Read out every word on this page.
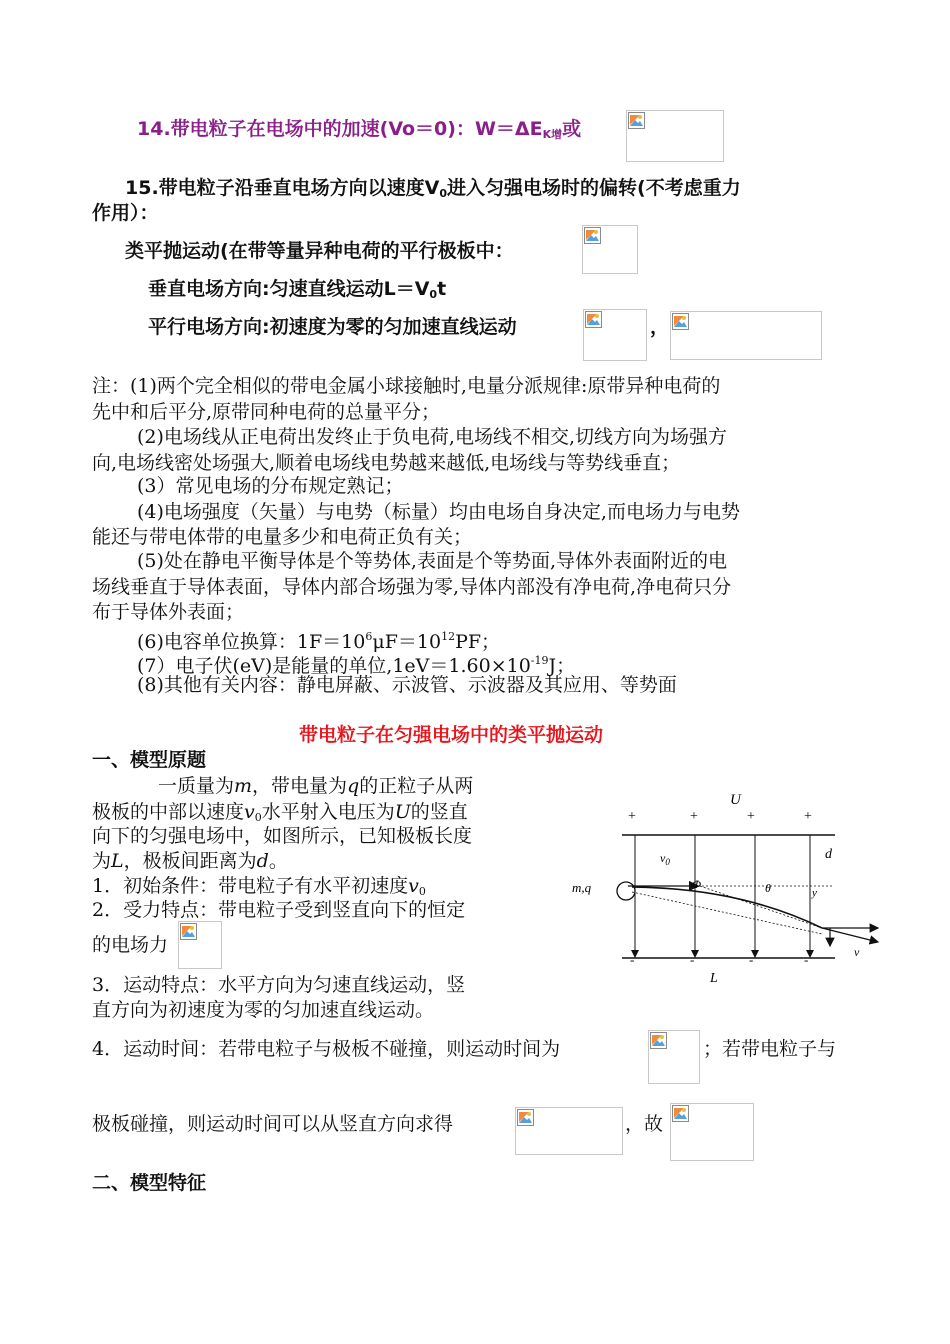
14.带电粒子在电场中的加速(Vo＝0)：$W=\Delta E_{K增}$或
15.带电粒子沿垂直电场方向以速度$V_0$进入匀强电场时的偏转(不考虑重力
作用）：
类平抛运动(在带等量异种电荷的平行极板中：
垂直电场方向:匀速直线运动$L=V_0t$
平行电场方向:初速度为零的匀加速直线运动	，
注：(1)两个完全相似的带电金属小球接触时,电量分派规律:原带异种电荷的
先中和后平分,原带同种电荷的总量平分；
(2)电场线从正电荷出发终止于负电荷,电场线不相交,切线方向为场强方
向,电场线密处场强大,顺着电场线电势越来越低,电场线与等势线垂直；
(3）常见电场的分布规定熟记；
(4)电场强度（矢量）与电势（标量）均由电场自身决定,而电场力与电势
能还与带电体带的电量多少和电荷正负有关；
(5)处在静电平衡导体是个等势体,表面是个等势面,导体外表面附近的电
场线垂直于导体表面，导体内部合场强为零,导体内部没有净电荷,净电荷只分
布于导体外表面；
(6)电容单位换算：$1F=10^6\mu F=10^{12}PF$；
(7）电子伏(eV)是能量的单位$,1eV=1.60\times 10^{-19}J$；
(8)其他有关内容：静电屏蔽、示波管、示波器及其应用、等势面
带电粒子在匀强电场中的类平抛运动
一、模型原题
一质量为m，带电量为q的正粒子从两
极板的中部以速度$v_0$水平射入电压为U的竖直
向下的匀强电场中，如图所示，已知极板长度
为L，极板间距离为d。
1．初始条件：带电粒子有水平初速度$v_0$
2．受力特点：带电粒子受到竖直向下的恒定
的电场力
3．运动特点：水平方向为匀速直线运动，竖
直方向为初速度为零的匀加速直线运动。
4．运动时间：若带电粒子与极板不碰撞，则运动时间为	；若带电粒子与
极板碰撞，则运动时间可以从竖直方向求得	，故
二、模型特征
U
+	+	+	+
$v_0$	d
m,q	Φ	θ	y
v
-	-	-	-
L
